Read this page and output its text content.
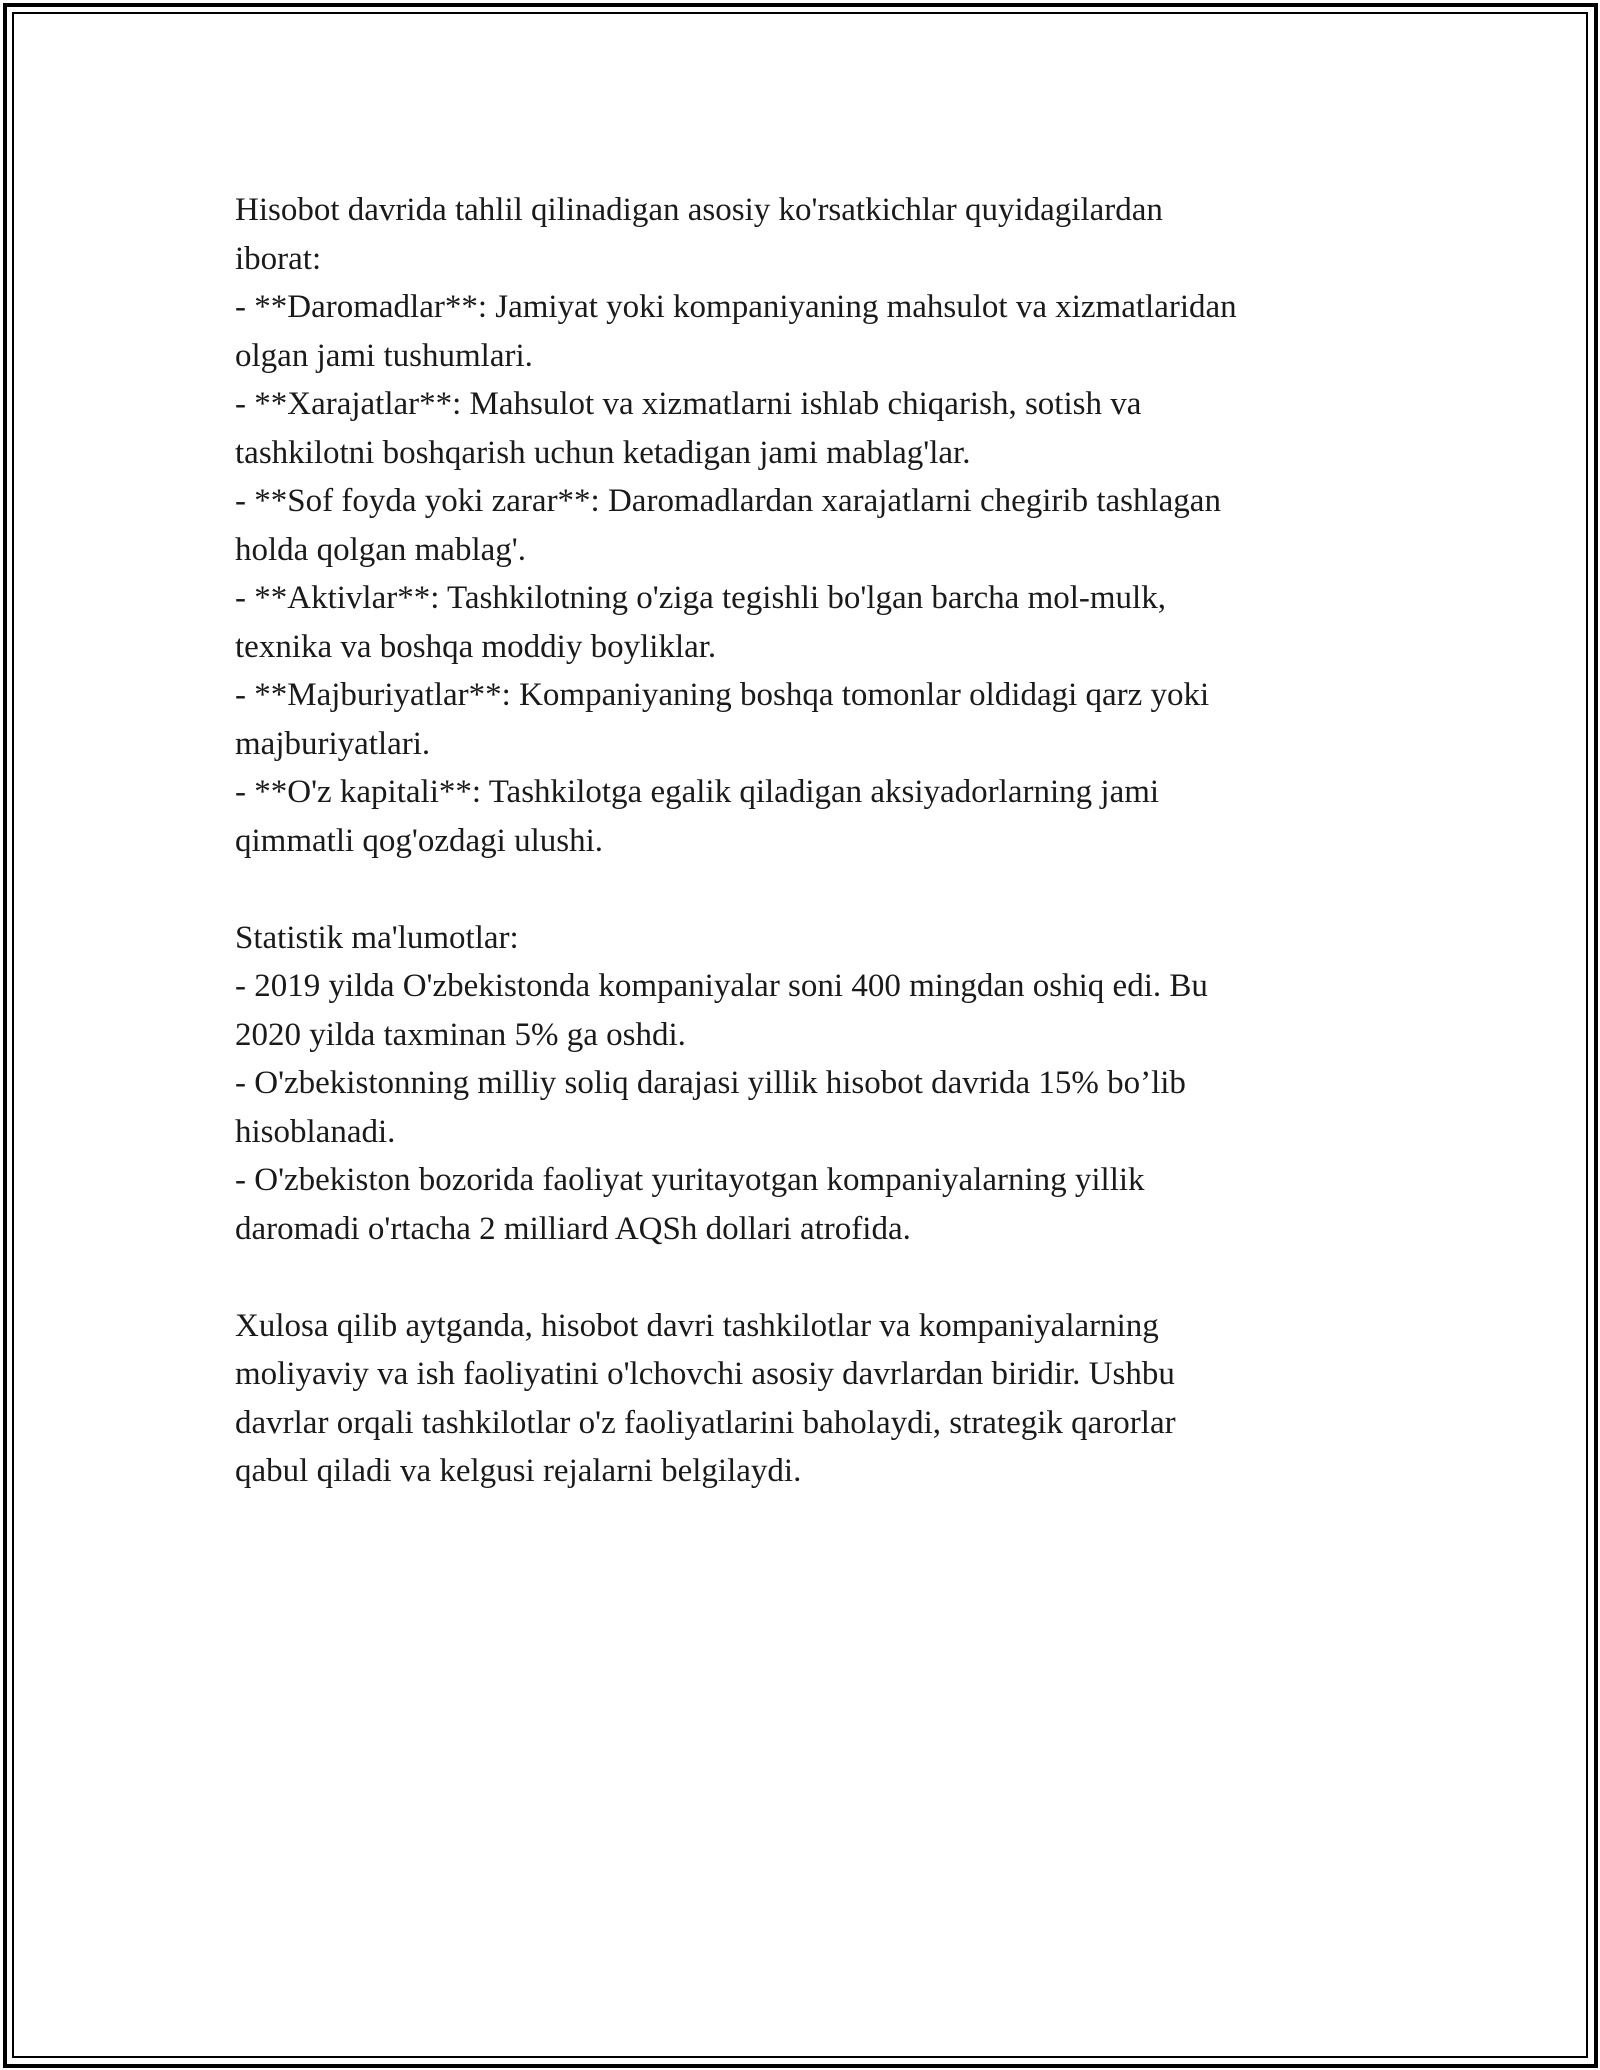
Hisobot davrida tahlil qilinadigan asosiy ko'rsatkichlar quyidagilardan
iborat:
- **Daromadlar**: Jamiyat yoki kompaniyaning mahsulot va xizmatlaridan
olgan jami tushumlari.
- **Xarajatlar**: Mahsulot va xizmatlarni ishlab chiqarish, sotish va
tashkilotni boshqarish uchun ketadigan jami mablag'lar.
- **Sof foyda yoki zarar**: Daromadlardan xarajatlarni chegirib tashlagan
holda qolgan mablag'.
- **Aktivlar**: Tashkilotning o'ziga tegishli bo'lgan barcha mol-mulk,
texnika va boshqa moddiy boyliklar.
- **Majburiyatlar**: Kompaniyaning boshqa tomonlar oldidagi qarz yoki
majburiyatlari.
- **O'z kapitali**: Tashkilotga egalik qiladigan aksiyadorlarning jami
qimmatli qog'ozdagi ulushi.
Statistik ma'lumotlar:
- 2019 yilda O'zbekistonda kompaniyalar soni 400 mingdan oshiq edi. Bu
2020 yilda taxminan 5% ga oshdi.
- O'zbekistonning milliy soliq darajasi yillik hisobot davrida 15% bo’lib
hisoblanadi.
- O'zbekiston bozorida faoliyat yuritayotgan kompaniyalarning yillik
daromadi o'rtacha 2 milliard AQSh dollari atrofida.
Xulosa qilib aytganda, hisobot davri tashkilotlar va kompaniyalarning
moliyaviy va ish faoliyatini o'lchovchi asosiy davrlardan biridir. Ushbu
davrlar orqali tashkilotlar o'z faoliyatlarini baholaydi, strategik qarorlar
qabul qiladi va kelgusi rejalarni belgilaydi.
